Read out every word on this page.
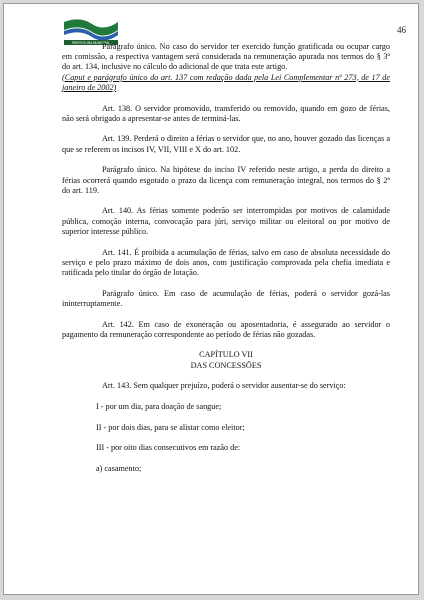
PREFEITURA MUNICIPAL
46

Parágrafo único. No caso do servidor ter exercido função gratificada ou ocupar cargo em comissão, a respectiva vantagem será considerada na remuneração apurada nos termos do § 3º do art. 134, inclusive no cálculo do adicional de que trata este artigo.

(Caput e parágrafo único do art. 137 com redação dada pela Lei Complementar nº 273, de 17 de janeiro de 2002)

Art. 138. O servidor promovido, transferido ou removido, quando em gozo de férias, não será obrigado a apresentar-se antes de terminá-las.

Art. 139. Perderá o direito a férias o servidor que, no ano, houver gozado das licenças a que se referem os incisos IV, VII, VIII e X do art. 102.

Parágrafo único. Na hipótese do inciso IV referido neste artigo, a perda do direito a férias ocorrerá quando esgotado o prazo da licença com remuneração integral, nos termos do § 2º do art. 119.

Art. 140. As férias somente poderão ser interrompidas por motivos de calamidade pública, comoção interna, convocação para júri, serviço militar ou eleitoral ou por motivo de superior interesse público.

Art. 141. É proibida a acumulação de férias, salvo em caso de absoluta necessidade do serviço e pelo prazo máximo de dois anos, com justificação comprovada pela chefia imediata e ratificada pelo titular do órgão de lotação.

Parágrafo único. Em caso de acumulação de férias, poderá o servidor gozá-las ininterruptamente.

Art. 142. Em caso de exoneração ou aposentadoria, é assegurado ao servidor o pagamento da remuneração correspondente ao período de férias não gozadas.

CAPÍTULO VII

DAS CONCESSÕES

Art. 143. Sem qualquer prejuízo, poderá o servidor ausentar-se do serviço:

I - por um dia, para doação de sangue;

II - por dois dias, para se alistar como eleitor;

III - por oito dias consecutivos em razão de:

a) casamento;
